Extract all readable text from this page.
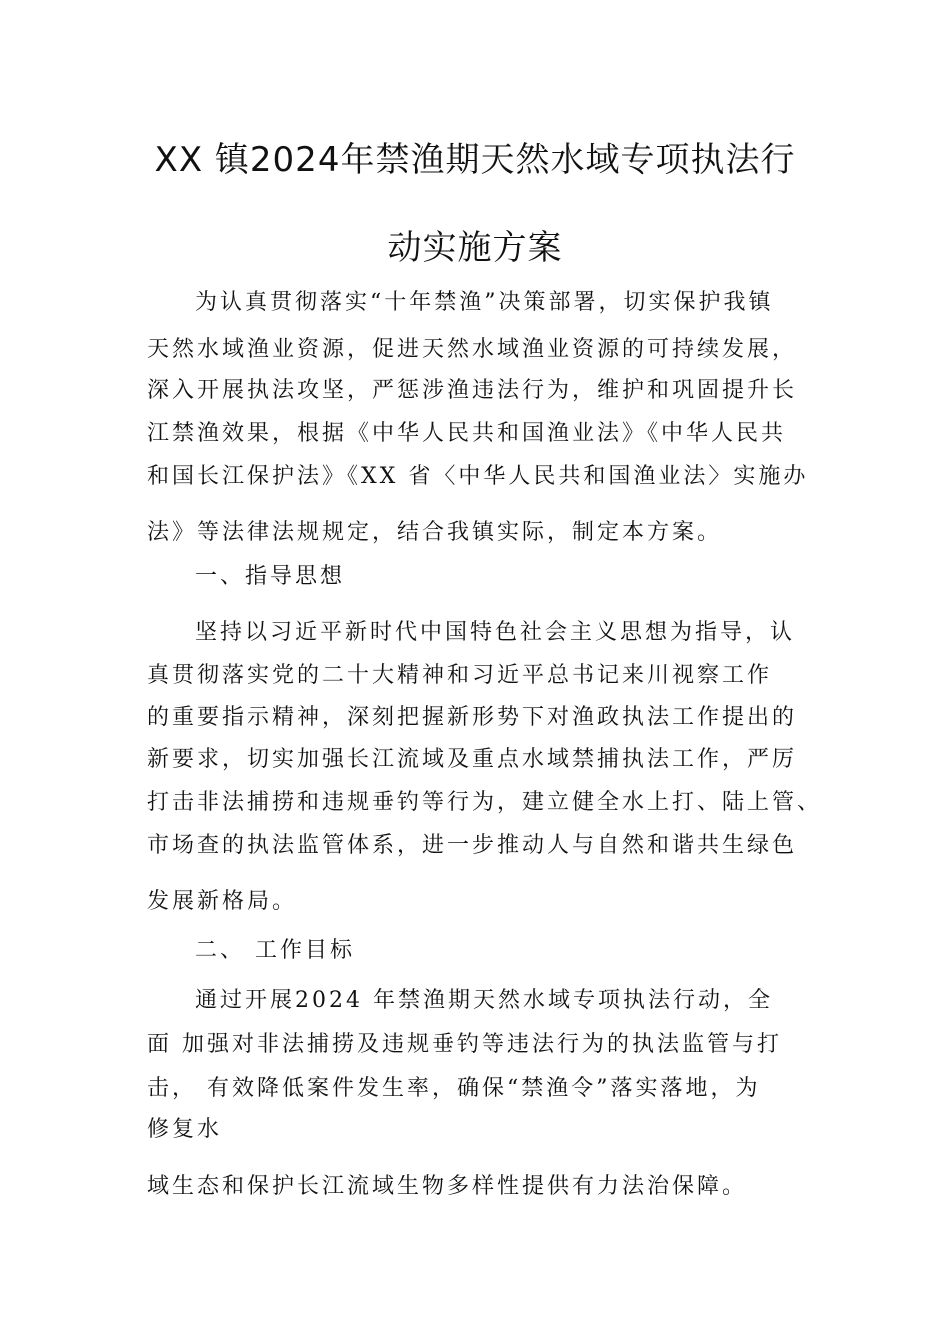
XX 镇2024年禁渔期天然水域专项执法行
动实施方案
为认真贯彻落实“十年禁渔”决策部署，切实保护我镇
天然水域渔业资源，促进天然水域渔业资源的可持续发展，
深入开展执法攻坚，严惩涉渔违法行为，维护和巩固提升长
江禁渔效果，根据《中华人民共和国渔业法》《中华人民共
和国长江保护法》《XX 省〈中华人民共和国渔业法〉实施办
法》等法律法规规定，结合我镇实际，制定本方案。
一、指导思想
坚持以习近平新时代中国特色社会主义思想为指导，认
真贯彻落实党的二十大精神和习近平总书记来川视察工作
的重要指示精神，深刻把握新形势下对渔政执法工作提出的
新要求，切实加强长江流域及重点水域禁捕执法工作，严厉
打击非法捕捞和违规垂钓等行为，建立健全水上打、陆上管、
市场查的执法监管体系，进一步推动人与自然和谐共生绿色
发展新格局。
二、 工作目标
通过开展2024 年禁渔期天然水域专项执法行动，全
面 加强对非法捕捞及违规垂钓等违法行为的执法监管与打
击， 有效降低案件发生率，确保“禁渔令”落实落地，为
修复水
域生态和保护长江流域生物多样性提供有力法治保障。
